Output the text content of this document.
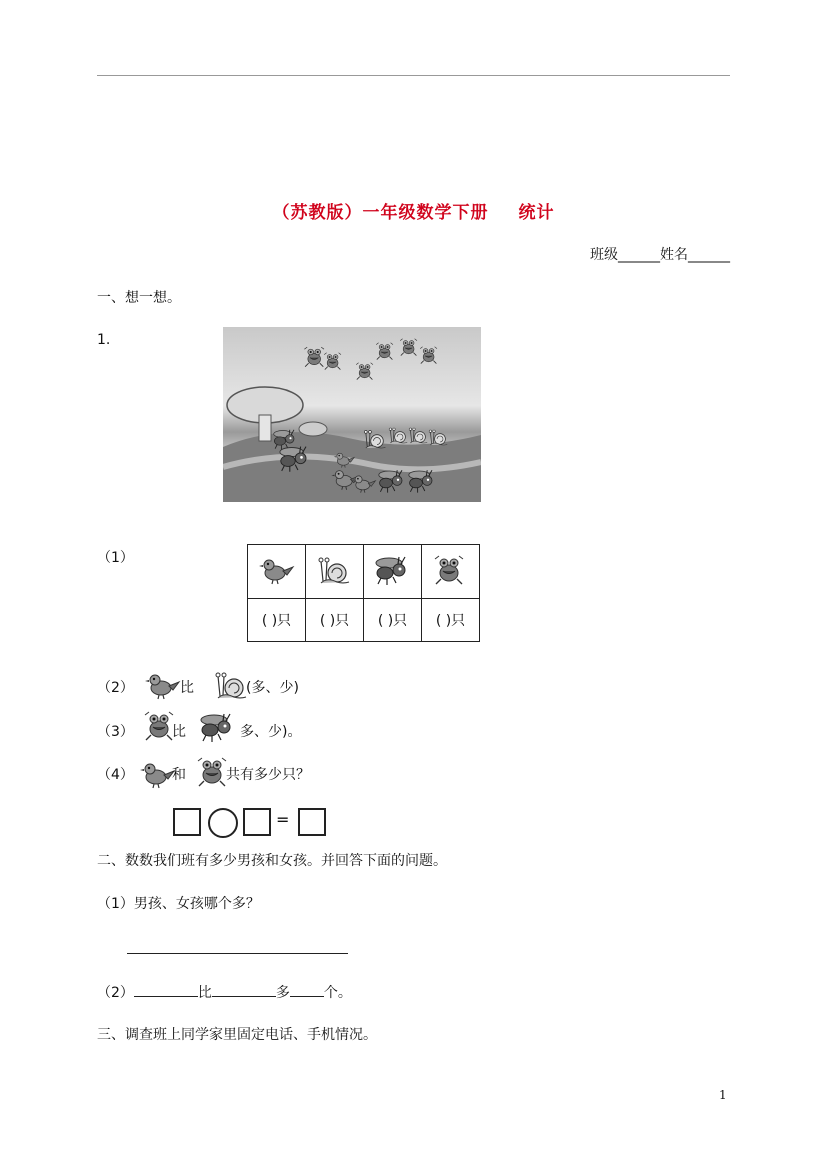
（苏教版）一年级数学下册 统计
班级______姓名______
一、想一想。
1.
（1）

( )只	( )只	( )只	( )只
（2）	比	(多、少)
（3）	比	多、少)。
（4）	和	共有多少只？
=
二、数数我们班有多少男孩和女孩。并回答下面的问题。
（1）男孩、女孩哪个多？
（2）	比	多 个。
三、调查班上同学家里固定电话、手机情况。
1
